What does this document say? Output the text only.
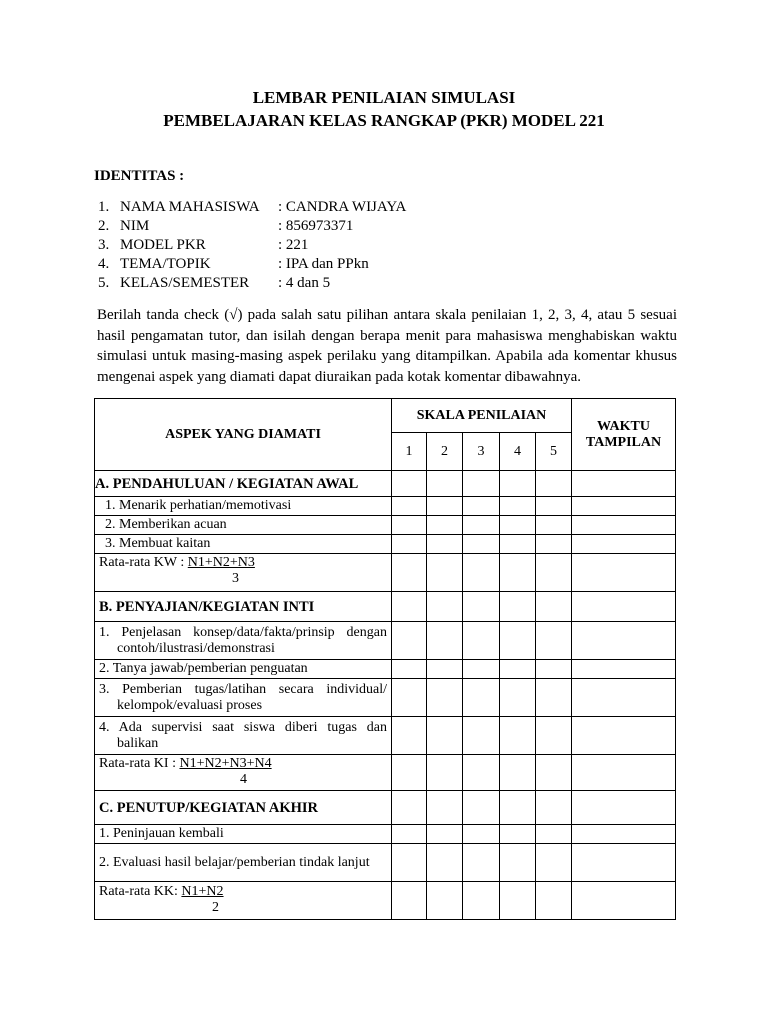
LEMBAR PENILAIAN SIMULASI
PEMBELAJARAN KELAS RANGKAP (PKR) MODEL 221
IDENTITAS :
1. NAMA MAHASISWA : CANDRA WIJAYA
2. NIM	: 856973371
3. MODEL PKR	: 221
4. TEMA/TOPIK	: IPA dan PPkn
5. KELAS/SEMESTER : 4 dan 5
Berilah tanda check (√) pada salah satu pilihan antara skala penilaian 1, 2, 3, 4, atau 5 sesuai hasil pengamatan tutor, dan isilah dengan berapa menit para mahasiswa menghabiskan waktu simulasi untuk masing-masing aspek perilaku yang ditampilkan. Apabila ada komentar khusus mengenai aspek yang diamati dapat diuraikan pada kotak komentar dibawahnya.
ASPEK YANG DIAMATI	SKALA PENILAIAN					WAKTU
TAMPILAN
	1	2	3	4	5	
A. PENDAHULUAN / KEGIATAN AWAL						
1. Menarik perhatian/memotivasi						
2. Memberikan acuan						
3. Membuat kaitan						
Rata-rata KW : N1+N2+N3
3						

B. PENYAJIAN/KEGIATAN INTI						
1. Penjelasan konsep/data/fakta/prinsip dengan contoh/ilustrasi/demonstrasi						
2. Tanya jawab/pemberian penguatan						
3. Pemberian tugas/latihan secara individual/ kelompok/evaluasi proses						
4. Ada supervisi saat siswa diberi tugas dan balikan						
Rata-rata KI : N1+N2+N3+N4
4						

C. PENUTUP/KEGIATAN AKHIR						
1. Peninjauan kembali						
2. Evaluasi hasil belajar/pemberian tindak lanjut						
Rata-rata KK: N1+N2
2						
